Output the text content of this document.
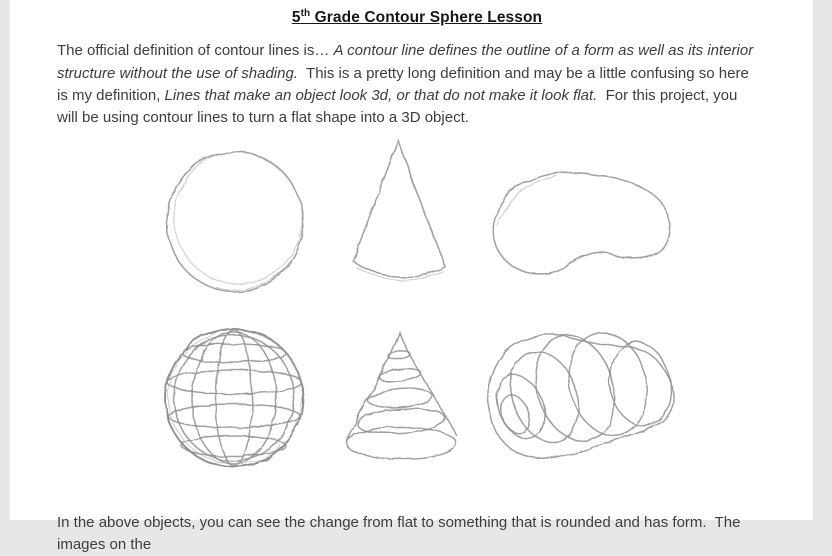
5th Grade Contour Sphere Lesson

The official definition of contour lines is… A contour line defines the outline of a form as well as its interior structure without the use of shading.  This is a pretty long definition and may be a little confusing so here is my definition, Lines that make an object look 3d, or that do not make it look flat.  For this project, you will be using contour lines to turn a flat shape into a 3D object.

In the above objects, you can see the change from flat to something that is rounded and has form.  The images on the
